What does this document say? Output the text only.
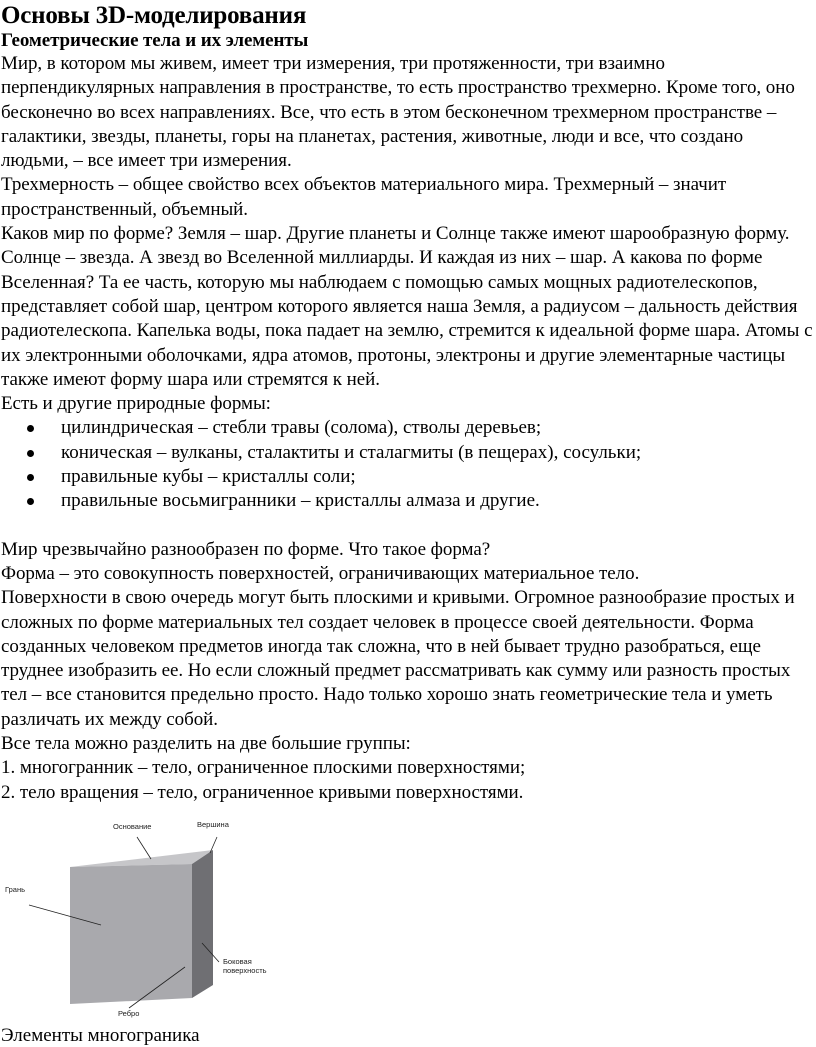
Основы 3D-моделирования
Геометрические тела и их элементы

Мир, в котором мы живем, имеет три измерения, три протяженности, три взаимно перпендикулярных направления в пространстве, то есть пространство трехмерно. Кроме того, оно бесконечно во всех направлениях. Все, что есть в этом бесконечном трехмерном пространстве – галактики, звезды, планеты, горы на планетах, растения, животные, люди и все, что создано людьми, – все имеет три измерения.

Трехмерность – общее свойство всех объектов материального мира. Трехмерный – значит пространственный, объемный.

Каков мир по форме? Земля – шар. Другие планеты и Солнце также имеют шарообразную форму. Солнце – звезда. А звезд во Вселенной миллиарды. И каждая из них – шар. А какова по форме Вселенная? Та ее часть, которую мы наблюдаем с помощью самых мощных радиотелескопов, представляет собой шар, центром которого является наша Земля, а радиусом – дальность действия радиотелескопа. Капелька воды, пока падает на землю, стремится к идеальной форме шара. Атомы с их электронными оболочками, ядра атомов, протоны, электроны и другие элементарные частицы также имеют форму шара или стремятся к ней.

Есть и другие природные формы:

цилиндрическая – стебли травы (солома), стволы деревьев;
коническая – вулканы, сталактиты и сталагмиты (в пещерах), сосульки;
правильные кубы – кристаллы соли;
правильные восьмигранники – кристаллы алмаза и другие.

Мир чрезвычайно разнообразен по форме. Что такое форма?

Форма – это совокупность поверхностей, ограничивающих материальное тело.

Поверхности в свою очередь могут быть плоскими и кривыми. Огромное разнообразие простых и сложных по форме материальных тел создает человек в процессе своей деятельности. Форма созданных человеком предметов иногда так сложна, что в ней бывает трудно разобраться, еще труднее изобразить ее. Но если сложный предмет рассматривать как сумму или разность простых тел – все становится предельно просто. Надо только хорошо знать геометрические тела и уметь различать их между собой.

Все тела можно разделить на две большие группы:

1. многогранник – тело, ограниченное плоскими поверхностями;

2. тело вращения – тело, ограниченное кривыми поверхностями.

Основание	Вершина
Грань
Боковая
поверхность
Ребро
Элементы многограника
